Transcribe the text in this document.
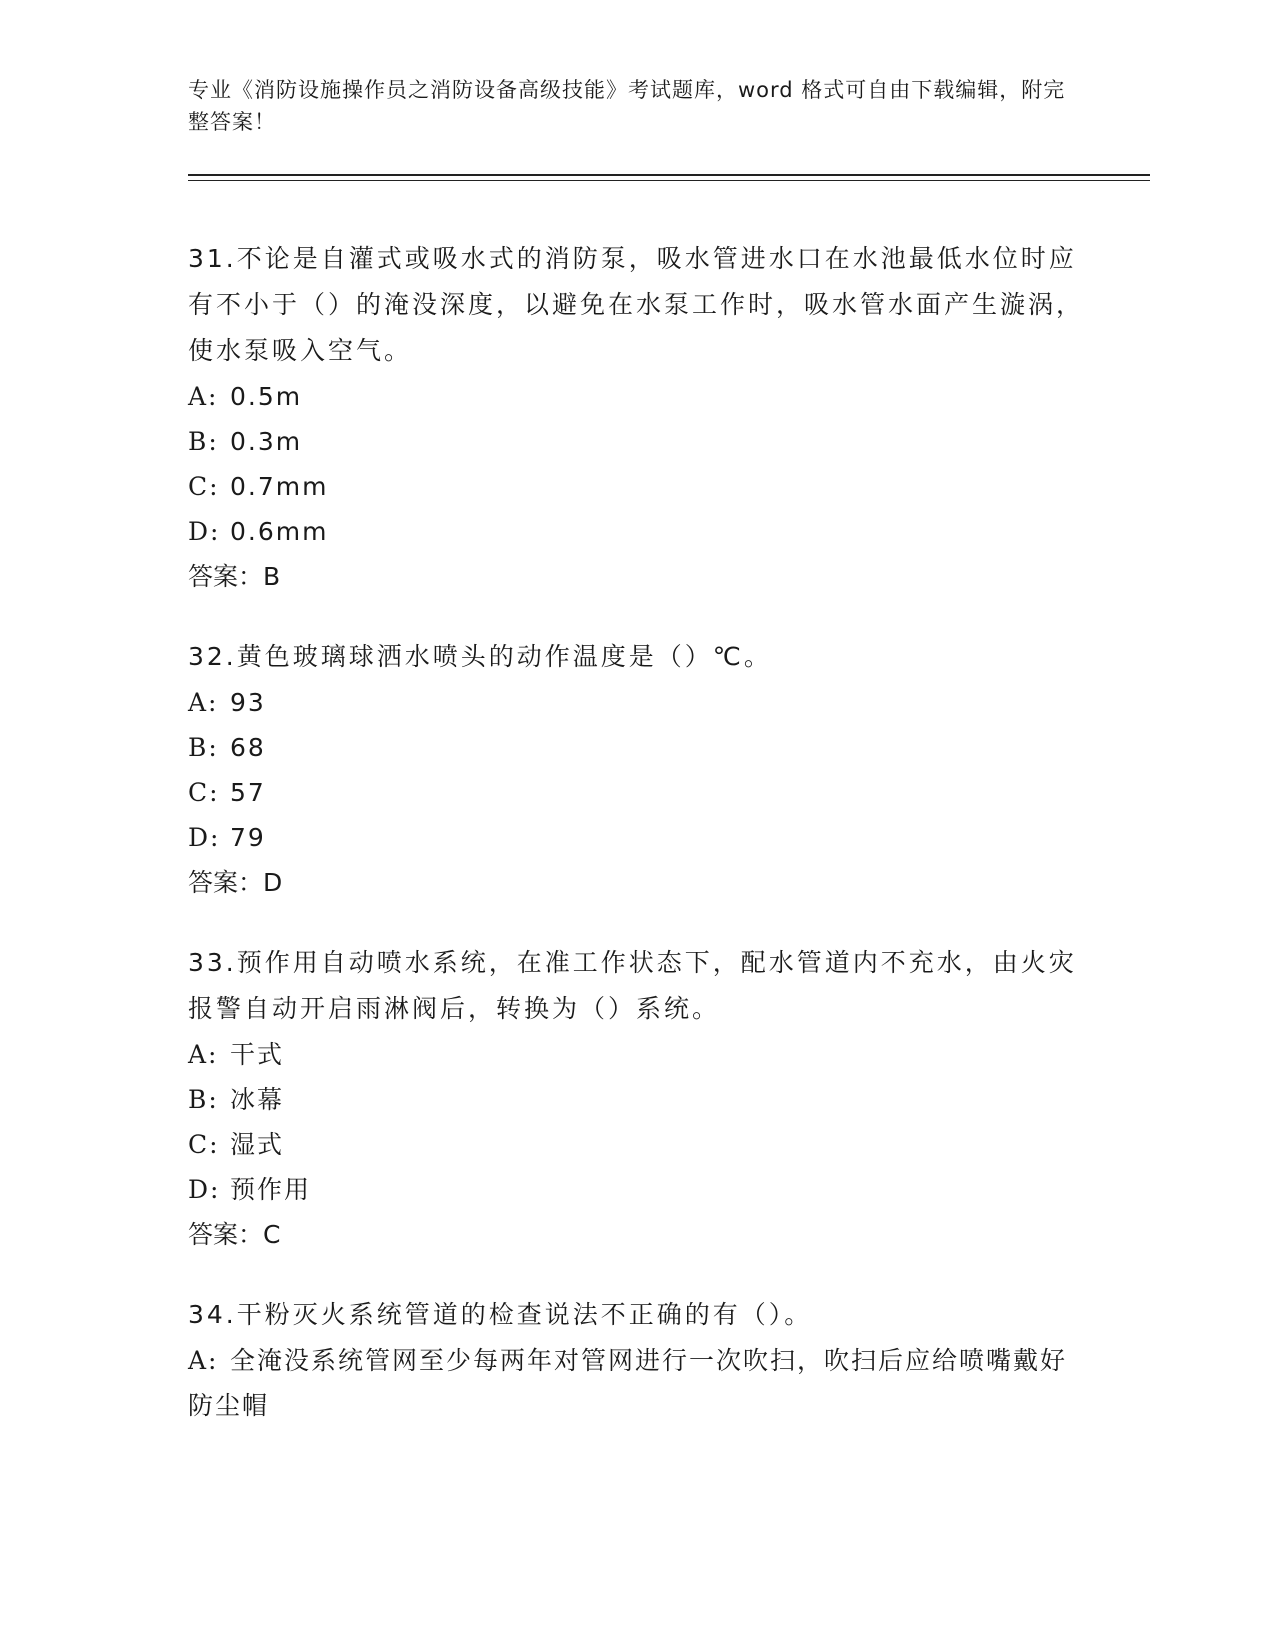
专业《消防设施操作员之消防设备高级技能》考试题库，word 格式可自由下载编辑，附完整答案！
31.不论是自灌式或吸水式的消防泵，吸水管进水口在水池最低水位时应有不小于（）的淹没深度，以避免在水泵工作时，吸水管水面产生漩涡，使水泵吸入空气。
A: 0.5m
B: 0.3m
C: 0.7mm
D: 0.6mm
答案：B
32.黄色玻璃球洒水喷头的动作温度是（）℃。
A: 93
B: 68
C: 57
D: 79
答案：D
33.预作用自动喷水系统，在准工作状态下，配水管道内不充水，由火灾报警自动开启雨淋阀后，转换为（）系统。
A: 干式
B: 冰幕
C: 湿式
D: 预作用
答案：C
34.干粉灭火系统管道的检查说法不正确的有（）。
A: 全淹没系统管网至少每两年对管网进行一次吹扫，吹扫后应给喷嘴戴好防尘帽
